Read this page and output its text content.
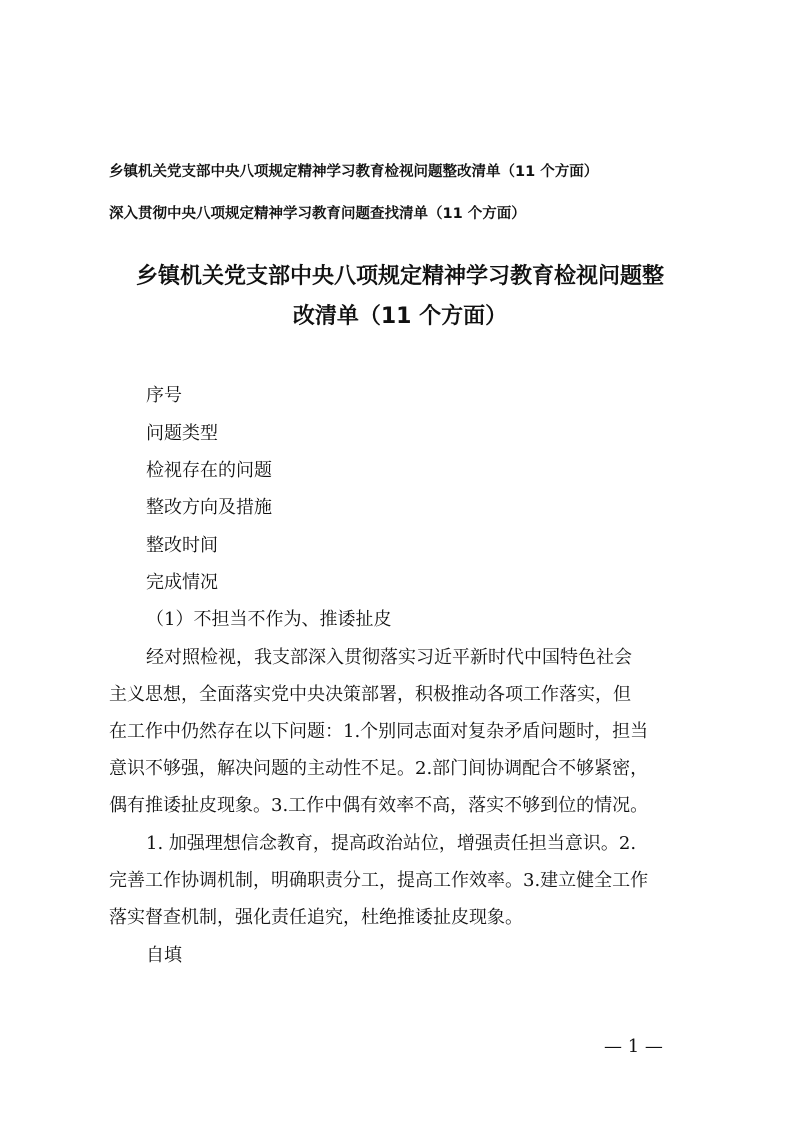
乡镇机关党支部中央八项规定精神学习教育检视问题整改清单（11 个方面）
深入贯彻中央八项规定精神学习教育问题查找清单（11 个方面）
乡镇机关党支部中央八项规定精神学习教育检视问题整
改清单（11 个方面）
序号
问题类型
检视存在的问题
整改方向及措施
整改时间
完成情况
（1）不担当不作为、推诿扯皮
经对照检视，我支部深入贯彻落实习近平新时代中国特色社会
主义思想，全面落实党中央决策部署，积极推动各项工作落实，但
在工作中仍然存在以下问题：1.个别同志面对复杂矛盾问题时，担当
意识不够强，解决问题的主动性不足。2.部门间协调配合不够紧密，
偶有推诿扯皮现象。3.工作中偶有效率不高，落实不够到位的情况。
1. 加强理想信念教育，提高政治站位，增强责任担当意识。2.
完善工作协调机制，明确职责分工，提高工作效率。3.建立健全工作
落实督查机制，强化责任追究，杜绝推诿扯皮现象。
自填
— 1 —
